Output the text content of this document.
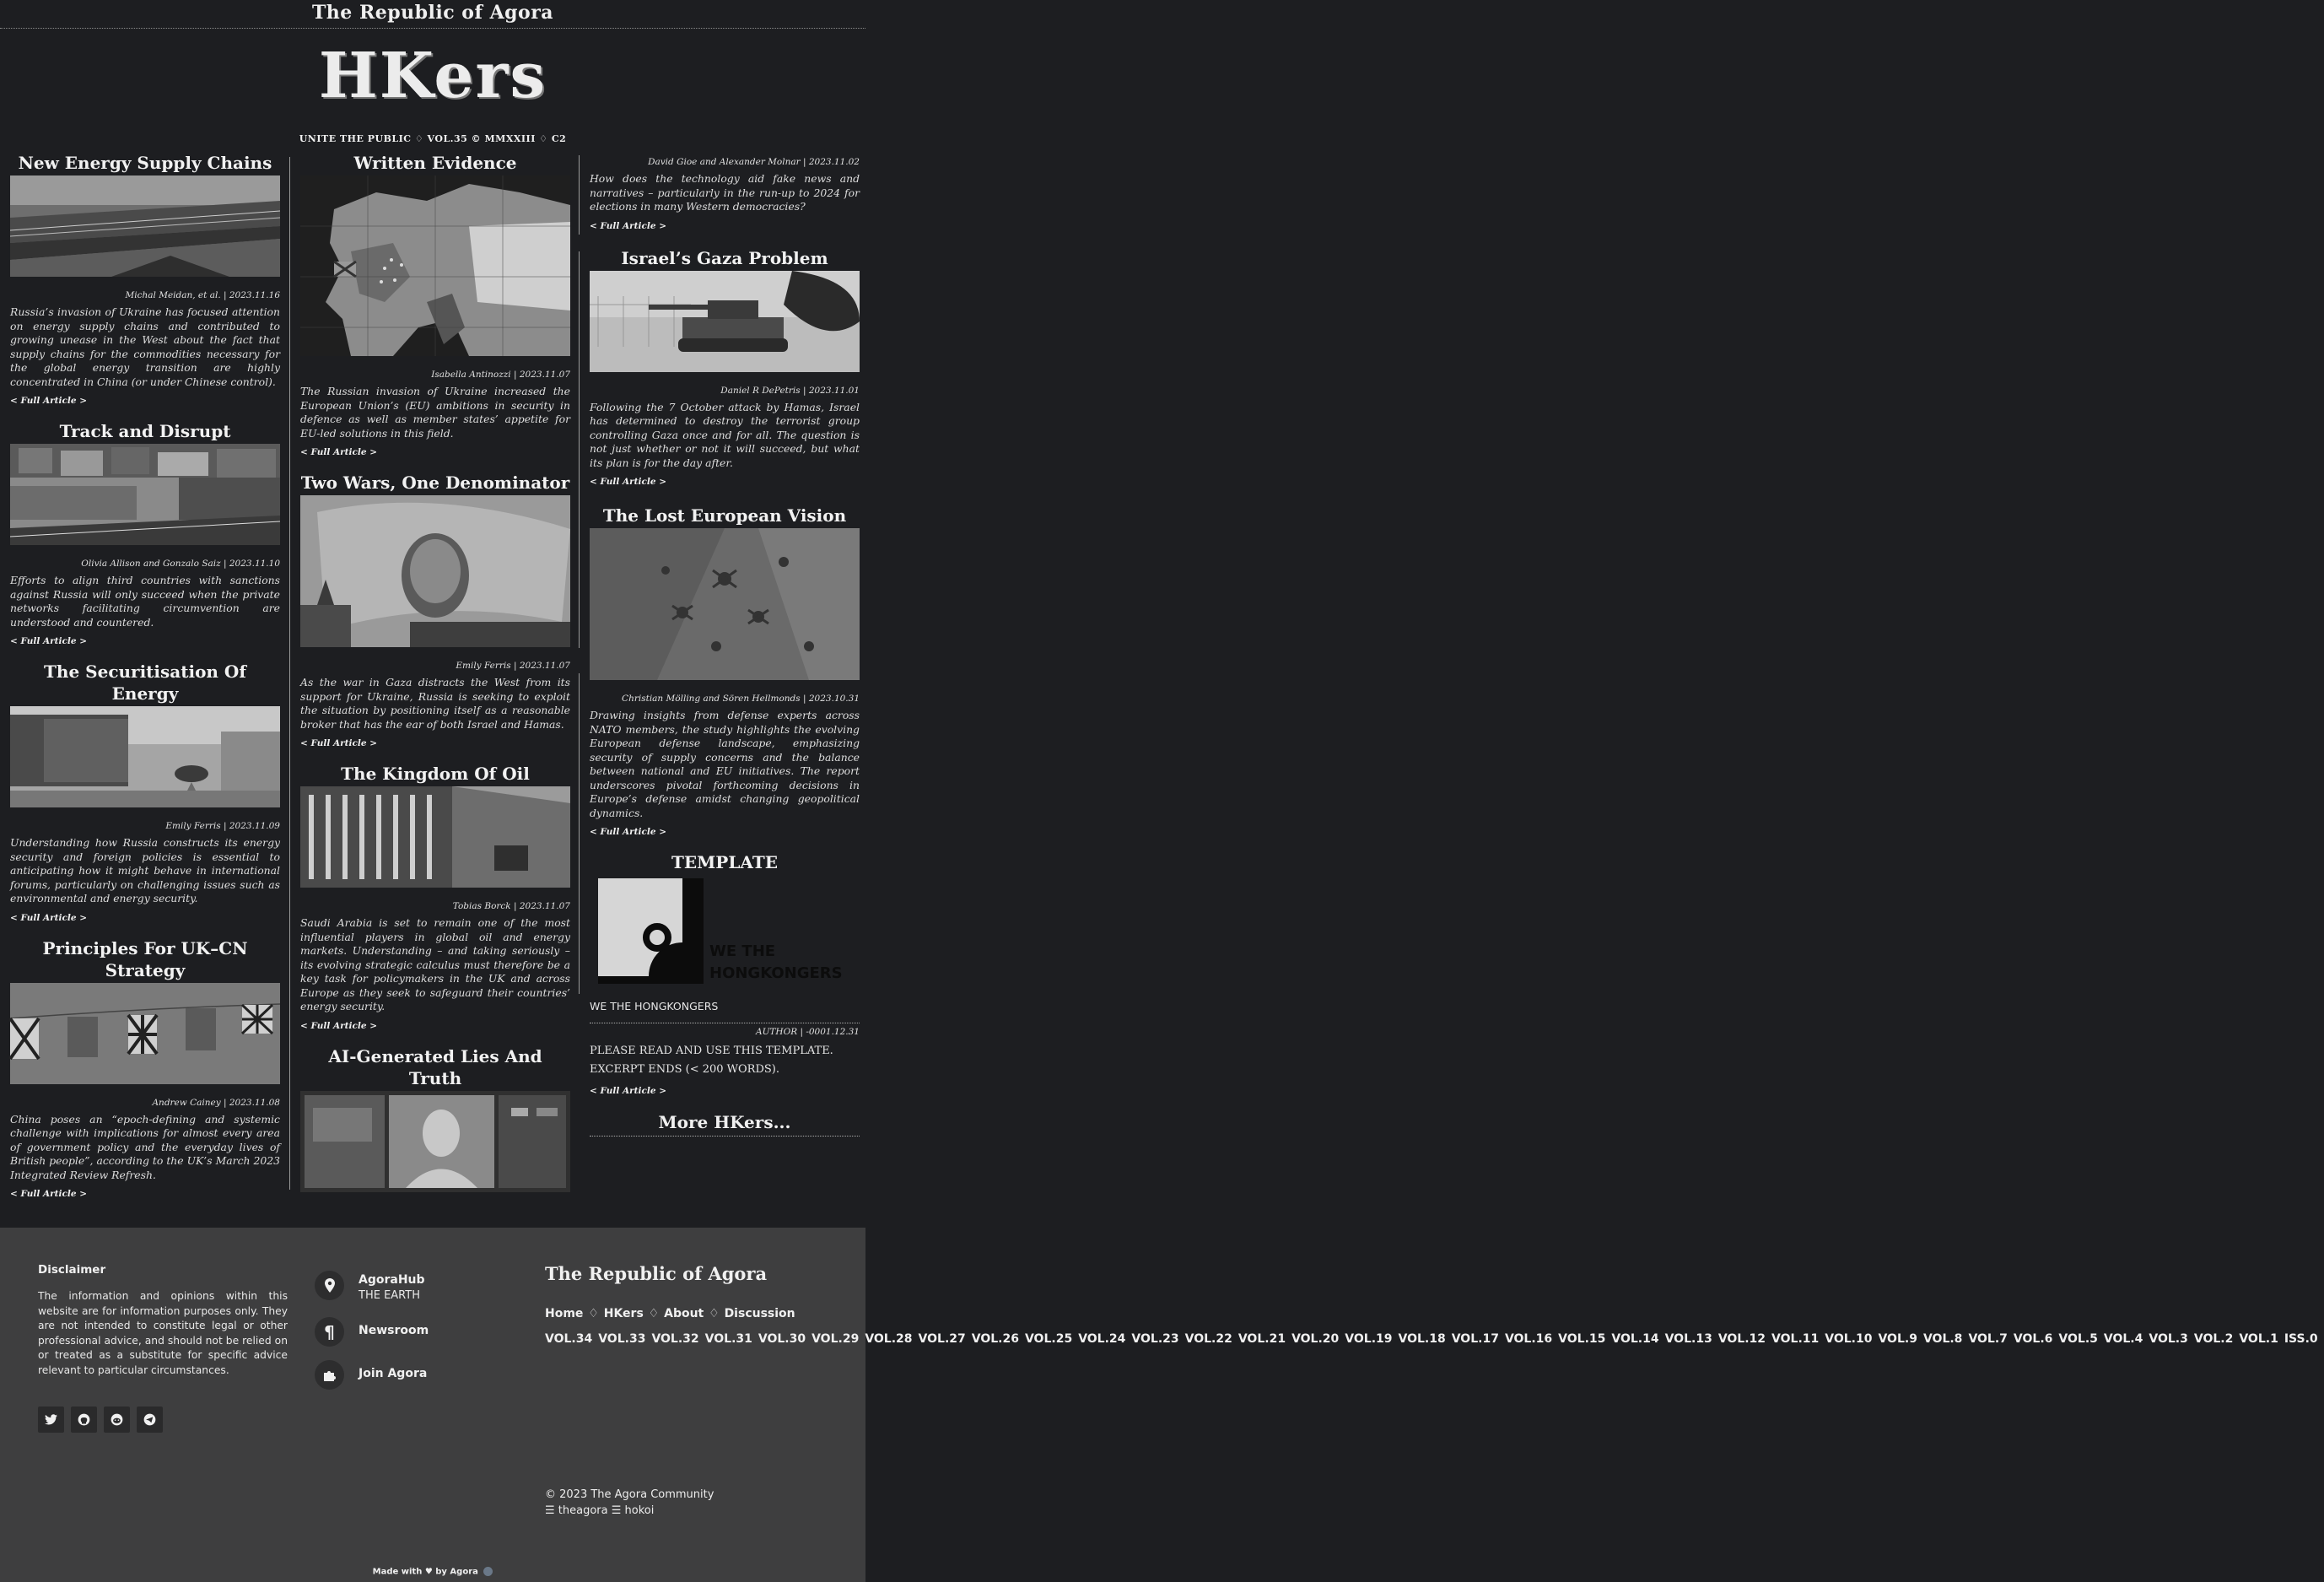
The Republic of Agora
HKers
UNITE THE PUBLIC ♢ VOL.35 © MMXXIII ♢ C2
New Energy Supply Chains
Michal Meidan, et al. | 2023.11.16
Russia’s invasion of Ukraine has focused attention on energy supply chains and contributed to growing unease in the West about the fact that supply chains for the commodities necessary for the global energy transition are highly concentrated in China (or under Chinese control).
< Full Article >
Track and Disrupt
Olivia Allison and Gonzalo Saiz | 2023.11.10
Efforts to align third countries with sanctions against Russia will only succeed when the private networks facilitating circumvention are understood and countered.
< Full Article >
The Securitisation Of Energy
Emily Ferris | 2023.11.09
Understanding how Russia constructs its energy security and foreign policies is essential to anticipating how it might behave in international forums, particularly on challenging issues such as environmental and energy security.
< Full Article >
Principles For UK–CN Strategy
Andrew Cainey | 2023.11.08
China poses an “epoch-defining and systemic challenge with implications for almost every area of government policy and the everyday lives of British people”, according to the UK’s March 2023 Integrated Review Refresh.
< Full Article >
Written Evidence
Isabella Antinozzi | 2023.11.07
The Russian invasion of Ukraine increased the European Union’s (EU) ambitions in security in defence as well as member states’ appetite for EU-led solutions in this field.
< Full Article >
Two Wars, One Denominator
Emily Ferris | 2023.11.07
As the war in Gaza distracts the West from its support for Ukraine, Russia is seeking to exploit the situation by positioning itself as a reasonable broker that has the ear of both Israel and Hamas.
< Full Article >
The Kingdom Of Oil
Tobias Borck | 2023.11.07
Saudi Arabia is set to remain one of the most influential players in global oil and energy markets. Understanding – and taking seriously – its evolving strategic calculus must therefore be a key task for policymakers in the UK and across Europe as they seek to safeguard their countries’ energy security.
< Full Article >
AI-Generated Lies And Truth
David Gioe and Alexander Molnar | 2023.11.02
How does the technology aid fake news and narratives – particularly in the run-up to 2024 for elections in many Western democracies?
< Full Article >
Israel’s Gaza Problem
Daniel R DePetris | 2023.11.01
Following the 7 October attack by Hamas, Israel has determined to destroy the terrorist group controlling Gaza once and for all. The question is not just whether or not it will succeed, but what its plan is for the day after.
< Full Article >
The Lost European Vision
Christian Mölling and Sören Hellmonds | 2023.10.31
Drawing insights from defense experts across NATO members, the study highlights the evolving European defense landscape, emphasizing security of supply concerns and the balance between national and EU initiatives. The report underscores pivotal forthcoming decisions in Europe’s defense amidst changing geopolitical dynamics.
< Full Article >
TEMPLATE
WE THE
HONGKONGERS
WE THE HONGKONGERS
AUTHOR | -0001.12.31
PLEASE READ AND USE THIS TEMPLATE.
EXCERPT ENDS (< 200 WORDS).
< Full Article >
More HKers...
Disclaimer
The information and opinions within this website are for information purposes only. They are not intended to constitute legal or other professional advice, and should not be relied on or treated as a substitute for specific advice relevant to particular circumstances.
AgoraHub
THE EARTH
¶ Newsroom
Join Agora
The Republic of Agora
Home ♢ HKers ♢ About ♢ Discussion
VOL.34 VOL.33 VOL.32 VOL.31 VOL.30 VOL.29 VOL.28 VOL.27 VOL.26 VOL.25 VOL.24 VOL.23 VOL.22 VOL.21 VOL.20 VOL.19 VOL.18 VOL.17 VOL.16 VOL.15 VOL.14 VOL.13 VOL.12 VOL.11 VOL.10 VOL.9 VOL.8 VOL.7 VOL.6 VOL.5 VOL.4 VOL.3 VOL.2 VOL.1 ISS.0
© 2023 The Agora Community
☰ theagora ☰ hokoi
Made with ♥ by Agora
